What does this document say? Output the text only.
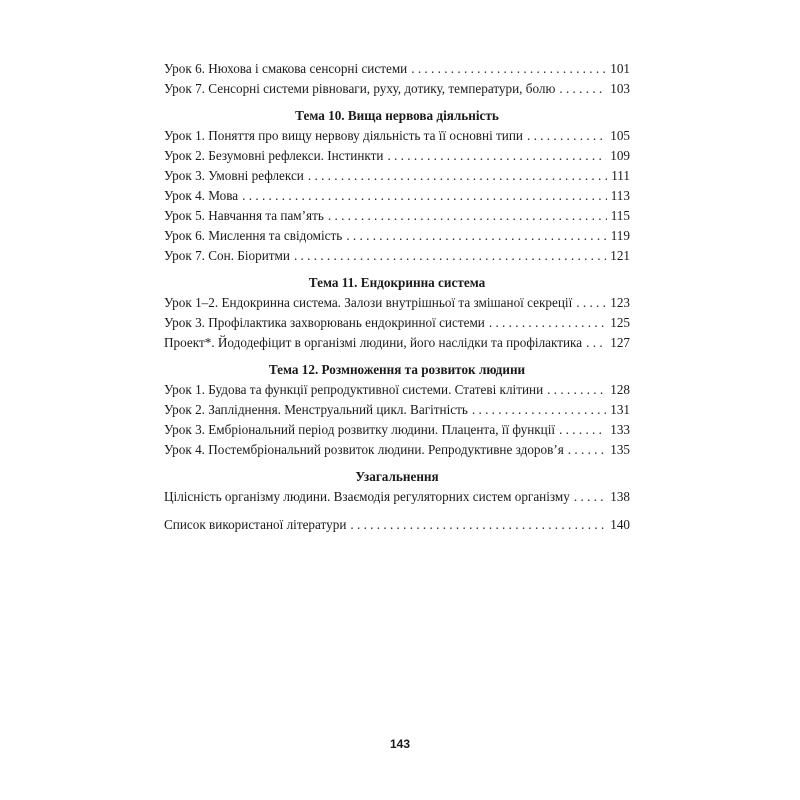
Урок 6. Нюхова і смакова сенсорні системи . . .	101
Урок 7. Сенсорні системи рівноваги, руху, дотику, температури, болю . . .	103
Тема 10. Вища нервова діяльність
Урок 1. Поняття про вищу нервову діяльність та її основні типи . . .	105
Урок 2. Безумовні рефлекси. Інстинкти . . .	109
Урок 3. Умовні рефлекси . . .	111
Урок 4. Мова . . .	113
Урок 5. Навчання та пам’ять . . .	115
Урок 6. Мислення та свідомість . . .	119
Урок 7. Сон. Біоритми . . .	121
Тема 11. Ендокринна система
Урок 1–2. Ендокринна система. Залози внутрішньої та змішаної секреції . . .	123
Урок 3. Профілактика захворювань ендокринної системи . . .	125
Проект*. Йододефіцит в організмі людини, його наслідки та профілактика . . . 127
Тема 12. Розмноження та розвиток людини
Урок 1. Будова та функції репродуктивної системи. Статеві клітини . . .	128
Урок 2. Запліднення. Менструальний цикл. Вагітність . . .	131
Урок 3. Ембріональний період розвитку людини. Плацента, її функції . . .	133
Урок 4. Постембріональний розвиток людини. Репродуктивне здоров’я . . .	135
Узагальнення
Цілісність організму людини. Взаємодія регуляторних систем організму . . .	138
Список використаної літератури . . .	140
143
